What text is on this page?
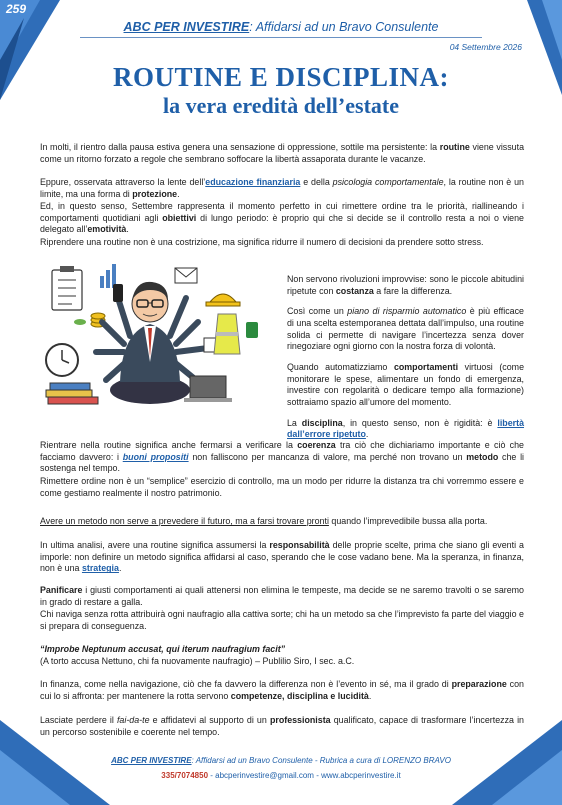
259
ABC PER INVESTIRE: Affidarsi ad un Bravo Consulente
04 Settembre 2026
ROUTINE E DISCIPLINA:
la vera eredità dell’estate
In molti, il rientro dalla pausa estiva genera una sensazione di oppressione, sottile ma persistente: la routine viene vissuta come un ritorno forzato a regole che sembrano soffocare la libertà assaporata durante le vacanze.
Eppure, osservata attraverso la lente dell’educazione finanziaria e della psicologia comportamentale, la routine non è un limite, ma una forma di protezione.
Ed, in questo senso, Settembre rappresenta il momento perfetto in cui rimettere ordine tra le priorità, riallineando i comportamenti quotidiani agli obiettivi di lungo periodo: è proprio qui che si decide se il controllo resta a noi o viene delegato all’emotività.
Riprendere una routine non è una costrizione, ma significa ridurre il numero di decisioni da prendere sotto stress.

Non servono rivoluzioni improvvise: sono le piccole abitudini ripetute con costanza a fare la differenza.

Così come un piano di risparmio automatico è più efficace di una scelta estemporanea dettata dall’impulso, una routine solida ci permette di navigare l’incertezza senza dover rinegoziare ogni giorno con la nostra forza di volontà.

Quando automatizziamo comportamenti virtuosi (come monitorare le spese, alimentare un fondo di emergenza, investire con regolarità o dedicare tempo alla formazione) sottraiamo spazio all’umore del momento.

La disciplina, in questo senso, non è rigidità: è libertà dall’errore ripetuto.

Rientrare nella routine significa anche fermarsi a verificare la coerenza tra ciò che dichiariamo importante e ciò che facciamo davvero: i buoni propositi non falliscono per mancanza di valore, ma perché non trovano un metodo che li sostenga nel tempo.
Rimettere ordine non è un “semplice” esercizio di controllo, ma un modo per ridurre la distanza tra chi vorremmo essere e come gestiamo realmente il nostro patrimonio.
Avere un metodo non serve a prevedere il futuro, ma a farsi trovare pronti quando l’imprevedibile bussa alla porta.
In ultima analisi, avere una routine significa assumersi la responsabilità delle proprie scelte, prima che siano gli eventi a imporle: non definire un metodo significa affidarsi al caso, sperando che le cose vadano bene. Ma la speranza, in finanza, non è una strategia.
Panificare i giusti comportamenti ai quali attenersi non elimina le tempeste, ma decide se ne saremo travolti o se saremo in grado di restare a galla.
Chi naviga senza rotta attribuirà ogni naufragio alla cattiva sorte; chi ha un metodo sa che l’imprevisto fa parte del viaggio e si prepara di conseguenza.
“Improbe Neptunum accusat, qui iterum naufragium facit”
(A torto accusa Nettuno, chi fa nuovamente naufragio) – Publilio Siro, I sec. a.C.
In finanza, come nella navigazione, ciò che fa davvero la differenza non è l’evento in sé, ma il grado di preparazione con cui lo si affronta: per mantenere la rotta servono competenze, disciplina e lucidità.
Lasciate perdere il fai-da-te e affidatevi al supporto di un professionista qualificato, capace di trasformare l’incertezza in un percorso sostenibile e coerente nel tempo.
ABC PER INVESTIRE: Affidarsi ad un Bravo Consulente - Rubrica a cura di LORENZO BRAVO
335/7074850 - abcperinvestire@gmail.com - www.abcperinvestire.it
